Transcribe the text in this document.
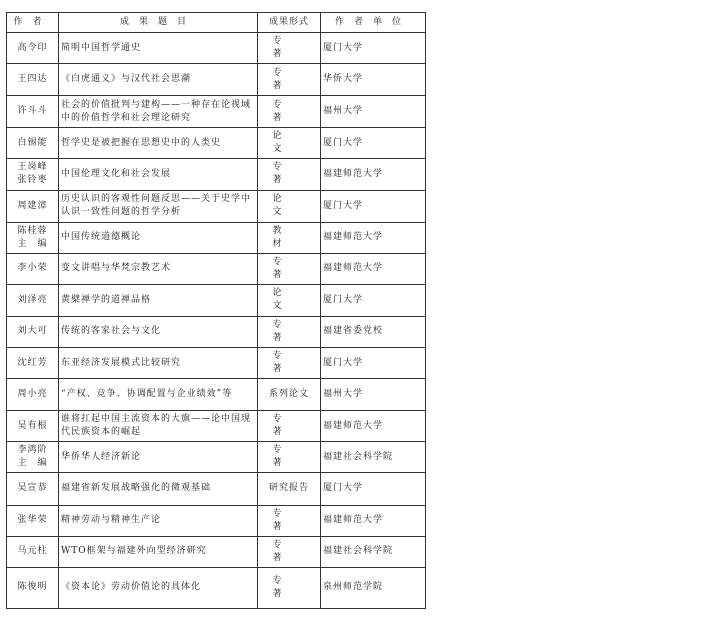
作者	成果题目	成果形式	作者单位

高令印	简明中国哲学通史	专著	厦门大学

王四达	《白虎通义》与汉代社会思潮	专著	华侨大学

许斗斗	社会的价值批判与建构——一种存在论视域中的价值哲学和社会理论研究	专著	福州大学

白锡能	哲学史是被把握在思想史中的人类史	论文	厦门大学

王岗峰
张铃枣	中国伦理文化和社会发展	专著	福建师范大学

周建漳	历史认识的客观性问题反思——关于史学中认识一致性问题的哲学分析	论文	厦门大学

陈桂蓉
主　编	中国传统道德概论	教材	福建师范大学

李小荣	变文讲唱与华梵宗教艺术	专著	福建师范大学

刘泽亮	黄檗禅学的道禅品格	论文	厦门大学

刘大可	传统的客家社会与文化	专著	福建省委党校

沈红芳	东亚经济发展模式比较研究	专著	厦门大学

周小亮	“产权、竞争、协调配置与企业绩效”等	系列论文	福州大学

吴有根	谁将扛起中国主流资本的大旗——论中国现代民族资本的崛起	专著	福建师范大学

李鸿阶
主　编	华侨华人经济新论	专著	福建社会科学院

吴宣恭	福建省新发展战略强化的微观基础	研究报告	厦门大学

张华荣	精神劳动与精神生产论	专著	福建师范大学

马元柱	WTO框架与福建外向型经济研究	专著	福建社会科学院

陈俊明	《资本论》劳动价值论的具体化	专著	泉州师范学院
